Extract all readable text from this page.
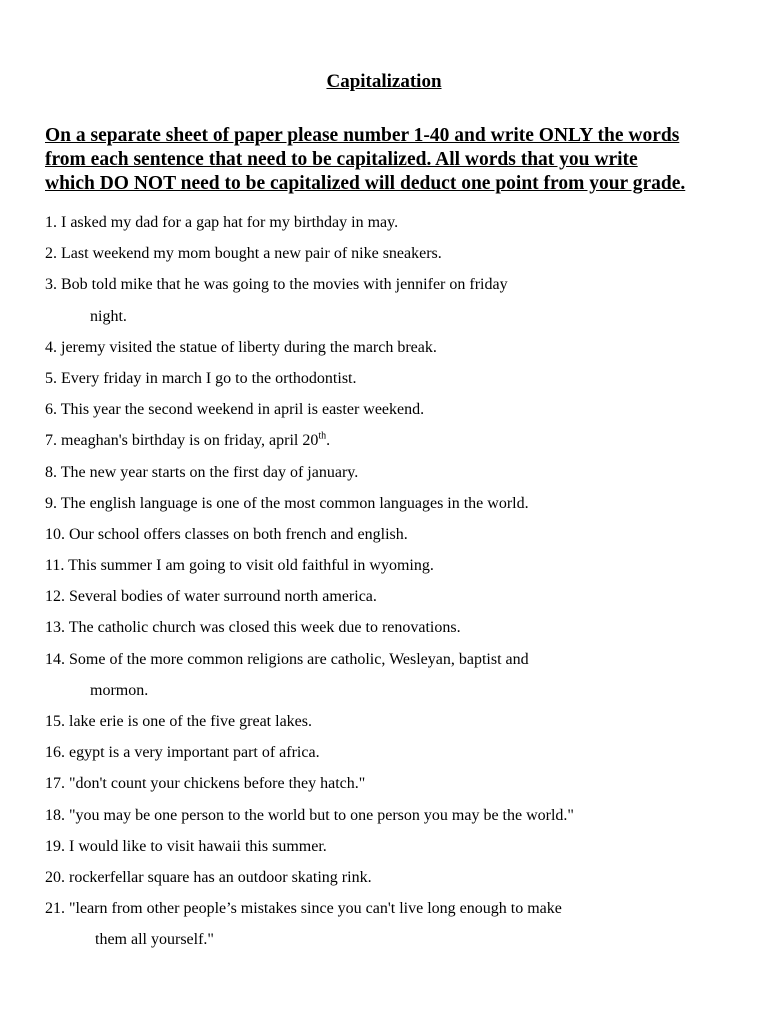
Capitalization

On a separate sheet of paper please number 1-40 and write ONLY the words
from each sentence that need to be capitalized. All words that you write
which DO NOT need to be capitalized will deduct one point from your grade.

1. I asked my dad for a gap hat for my birthday in may.
2. Last weekend my mom bought a new pair of nike sneakers.
3. Bob told mike that he was going to the movies with jennifer on friday
night.
4. jeremy visited the statue of liberty during the march break.
5. Every friday in march I go to the orthodontist.
6. This year the second weekend in april is easter weekend.
7. meaghan's birthday is on friday, april 20th.
8. The new year starts on the first day of january.
9. The english language is one of the most common languages in the world.
10. Our school offers classes on both french and english.
11. This summer I am going to visit old faithful in wyoming.
12. Several bodies of water surround north america.
13. The catholic church was closed this week due to renovations.
14. Some of the more common religions are catholic, Wesleyan, baptist and
mormon.
15. lake erie is one of the five great lakes.
16. egypt is a very important part of africa.
17. "don't count your chickens before they hatch."
18. "you may be one person to the world but to one person you may be the world."
19. I would like to visit hawaii this summer.
20. rockerfellar square has an outdoor skating rink.
21. "learn from other people’s mistakes since you can't live long enough to make
them all yourself."
